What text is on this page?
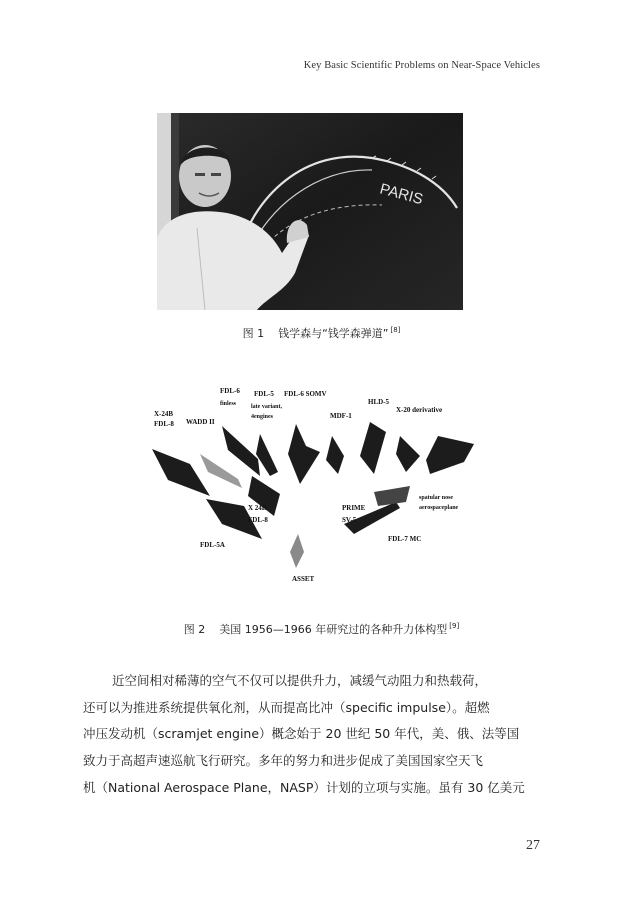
Key Basic Scientific Problems on Near-Space Vehicles
PARIS
图 1 钱学森与“钱学森弹道” [8]
X-24B
FDL-8 WADD II
FDL-6
finless
FDL-5
late variant,
4engines
FDL-6 SOMV
MDF-1
HLD-5
X-20 derivative
spatular nose
aerospaceplane
X 24B
FDL-8
PRIME
SV-5
FDL-5A
FDL-7 MC
ASSET
图 2 美国 1956—1966 年研究过的各种升力体构型 [9]
近空间相对稀薄的空气不仅可以提供升力，减缓气动阻力和热载荷，
还可以为推进系统提供氧化剂，从而提高比冲（specific impulse）。超燃
冲压发动机（scramjet engine）概念始于 20 世纪 50 年代，美、俄、法等国
致力于高超声速巡航飞行研究。多年的努力和进步促成了美国国家空天飞
机（National Aerospace Plane，NASP）计划的立项与实施。虽有 30 亿美元
27
